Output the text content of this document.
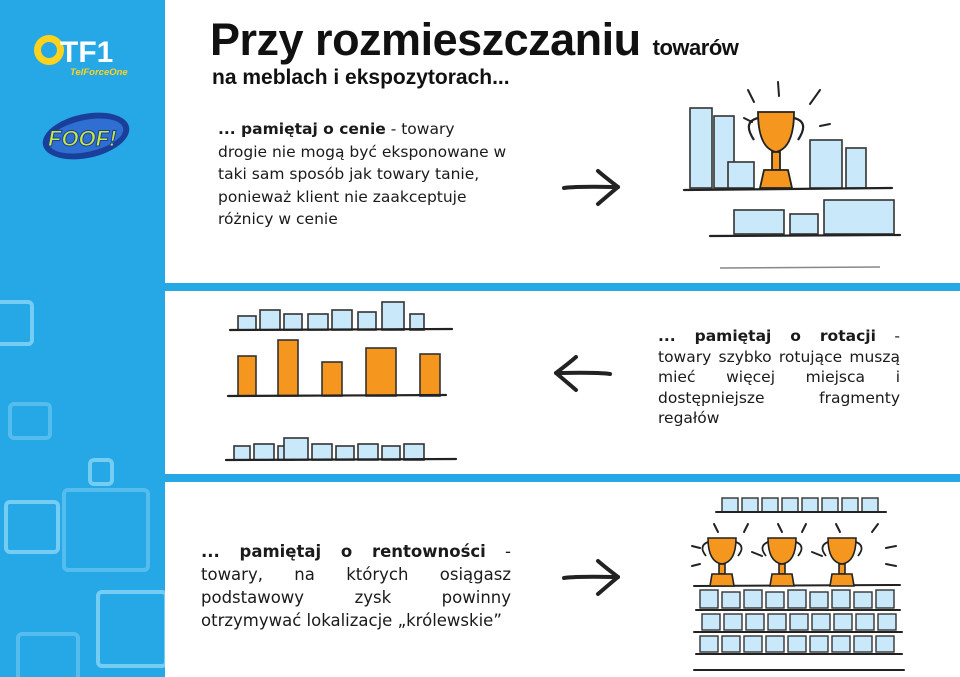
TF1
TelForceOne
FOOF!
Przy rozmieszczaniu towarów
na meblach i ekspozytorach...
... pamiętaj o cenie - towary drogie nie mogą być eksponowane w taki sam sposób jak towary tanie, ponieważ klient nie zaakceptuje różnicy w cenie
... pamiętaj o rotacji - towary szybko rotujące muszą mieć więcej miejsca i dostępniejsze fragmenty regałów
... pamiętaj o rentowności - towary, na których osiągasz podstawowy zysk powinny otrzymywać lokalizacje „królewskie”
